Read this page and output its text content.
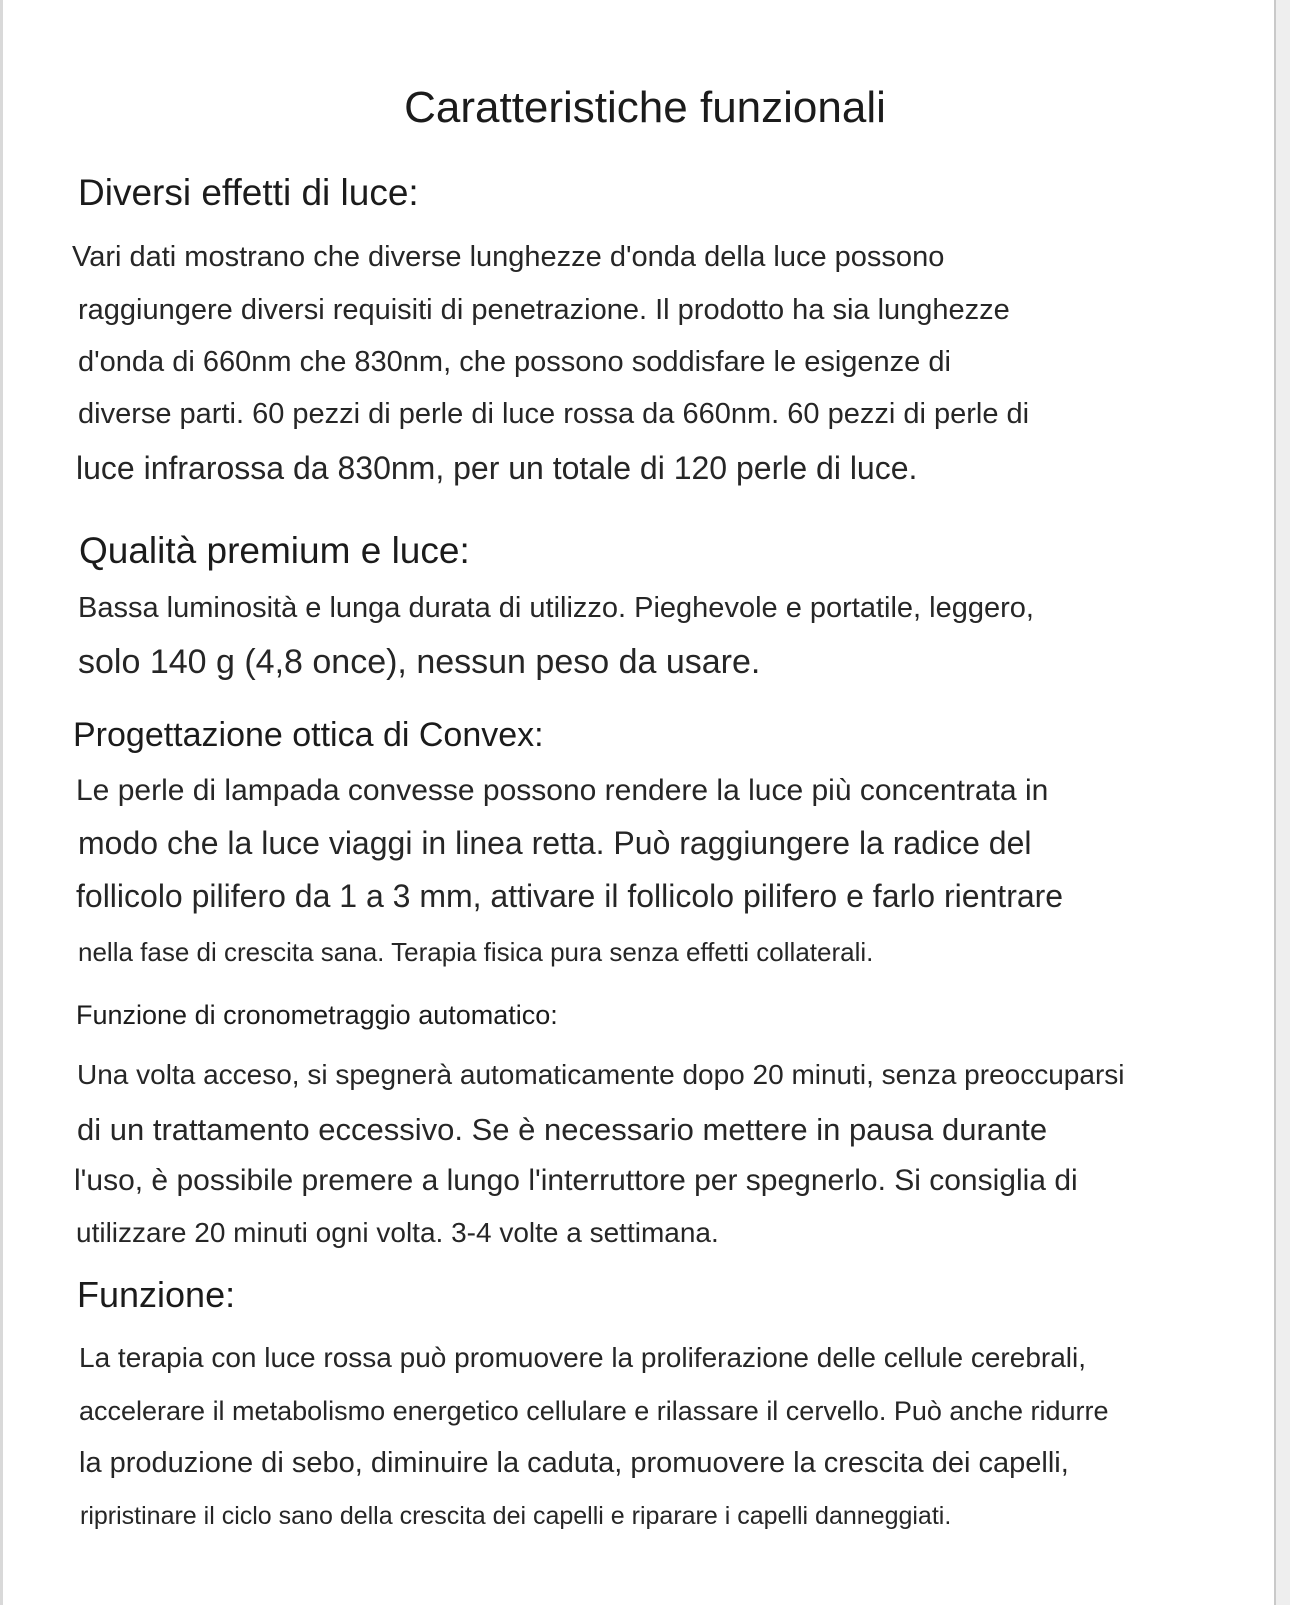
Caratteristiche funzionali
Diversi effetti di luce:

Vari dati mostrano che diverse lunghezze d'onda della luce possono

raggiungere diversi requisiti di penetrazione. Il prodotto ha sia lunghezze

d'onda di 660nm che 830nm, che possono soddisfare le esigenze di

diverse parti. 60 pezzi di perle di luce rossa da 660nm. 60 pezzi di perle di

luce infrarossa da 830nm, per un totale di 120 perle di luce.

Qualità premium e luce:

Bassa luminosità e lunga durata di utilizzo. Pieghevole e portatile, leggero,

solo 140 g (4,8 once), nessun peso da usare.

Progettazione ottica di Convex:

Le perle di lampada convesse possono rendere la luce più concentrata in

modo che la luce viaggi in linea retta. Può raggiungere la radice del

follicolo pilifero da 1 a 3 mm, attivare il follicolo pilifero e farlo rientrare

nella fase di crescita sana. Terapia fisica pura senza effetti collaterali.

Funzione di cronometraggio automatico:

Una volta acceso, si spegnerà automaticamente dopo 20 minuti, senza preoccuparsi

di un trattamento eccessivo. Se è necessario mettere in pausa durante

l'uso, è possibile premere a lungo l'interruttore per spegnerlo. Si consiglia di

utilizzare 20 minuti ogni volta. 3-4 volte a settimana.

Funzione:

La terapia con luce rossa può promuovere la proliferazione delle cellule cerebrali,

accelerare il metabolismo energetico cellulare e rilassare il cervello. Può anche ridurre

la produzione di sebo, diminuire la caduta, promuovere la crescita dei capelli,

ripristinare il ciclo sano della crescita dei capelli e riparare i capelli danneggiati.
